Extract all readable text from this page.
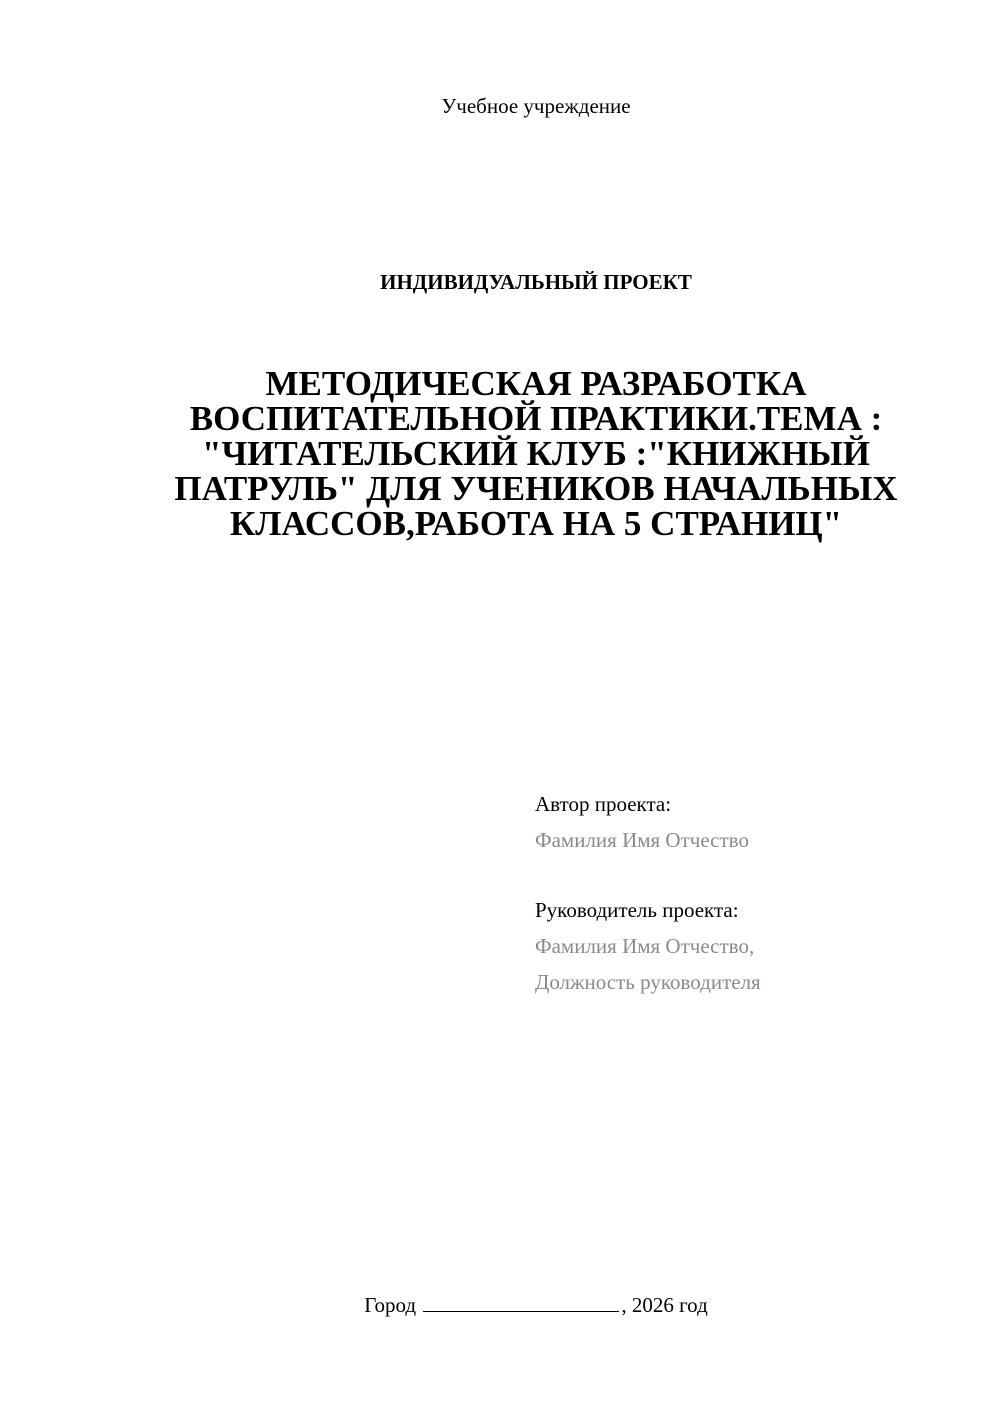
Учебное учреждение
ИНДИВИДУАЛЬНЫЙ ПРОЕКТ
МЕТОДИЧЕСКАЯ РАЗРАБОТКА ВОСПИТАТЕЛЬНОЙ ПРАКТИКИ.ТЕМА : "ЧИТАТЕЛЬСКИЙ КЛУБ :"КНИЖНЫЙ ПАТРУЛЬ" ДЛЯ УЧЕНИКОВ НАЧАЛЬНЫХ КЛАССОВ,РАБОТА НА 5 СТРАНИЦ"
Автор проекта:
Фамилия Имя Отчество
Руководитель проекта:
Фамилия Имя Отчество,
Должность руководителя
Город	, 2026 год
